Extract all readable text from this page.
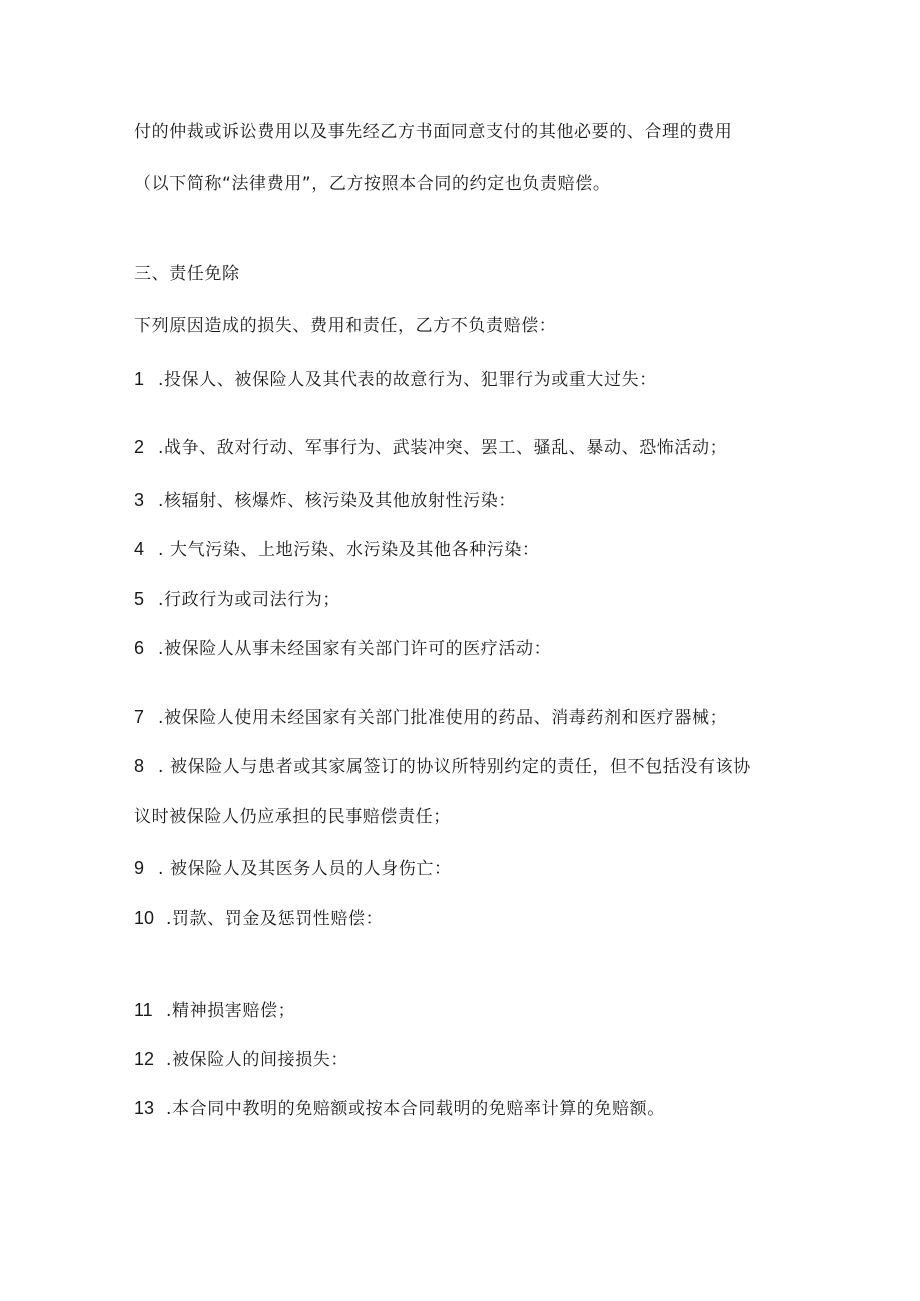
付的仲裁或诉讼费用以及事先经乙方书面同意支付的其他必要的、合理的费用
（以下简称“法律费用”，乙方按照本合同的约定也负责赔偿。
三、责任免除
下列原因造成的损失、费用和责任，乙方不负责赔偿：
1 .投保人、被保险人及其代表的故意行为、犯罪行为或重大过失：
2 .战争、敌对行动、军事行为、武装冲突、罢工、骚乱、暴动、恐怖活动；
3 .核辐射、核爆炸、核污染及其他放射性污染：
4 . 大气污染、上地污染、水污染及其他各种污染：
5 .行政行为或司法行为；
6 .被保险人从事未经国家有关部门许可的医疗活动：
7 .被保险人使用未经国家有关部门批准使用的药品、消毒药剂和医疗器械；
8 . 被保险人与患者或其家属签订的协议所特别约定的责任，但不包括没有该协
议时被保险人仍应承担的民事赔偿责任；
9 . 被保险人及其医务人员的人身伤亡：
10 .罚款、罚金及惩罚性赔偿：
11 .精神损害赔偿；
12 .被保险人的间接损失：
13 .本合同中教明的免赔额或按本合同载明的免赔率计算的免赔额。
